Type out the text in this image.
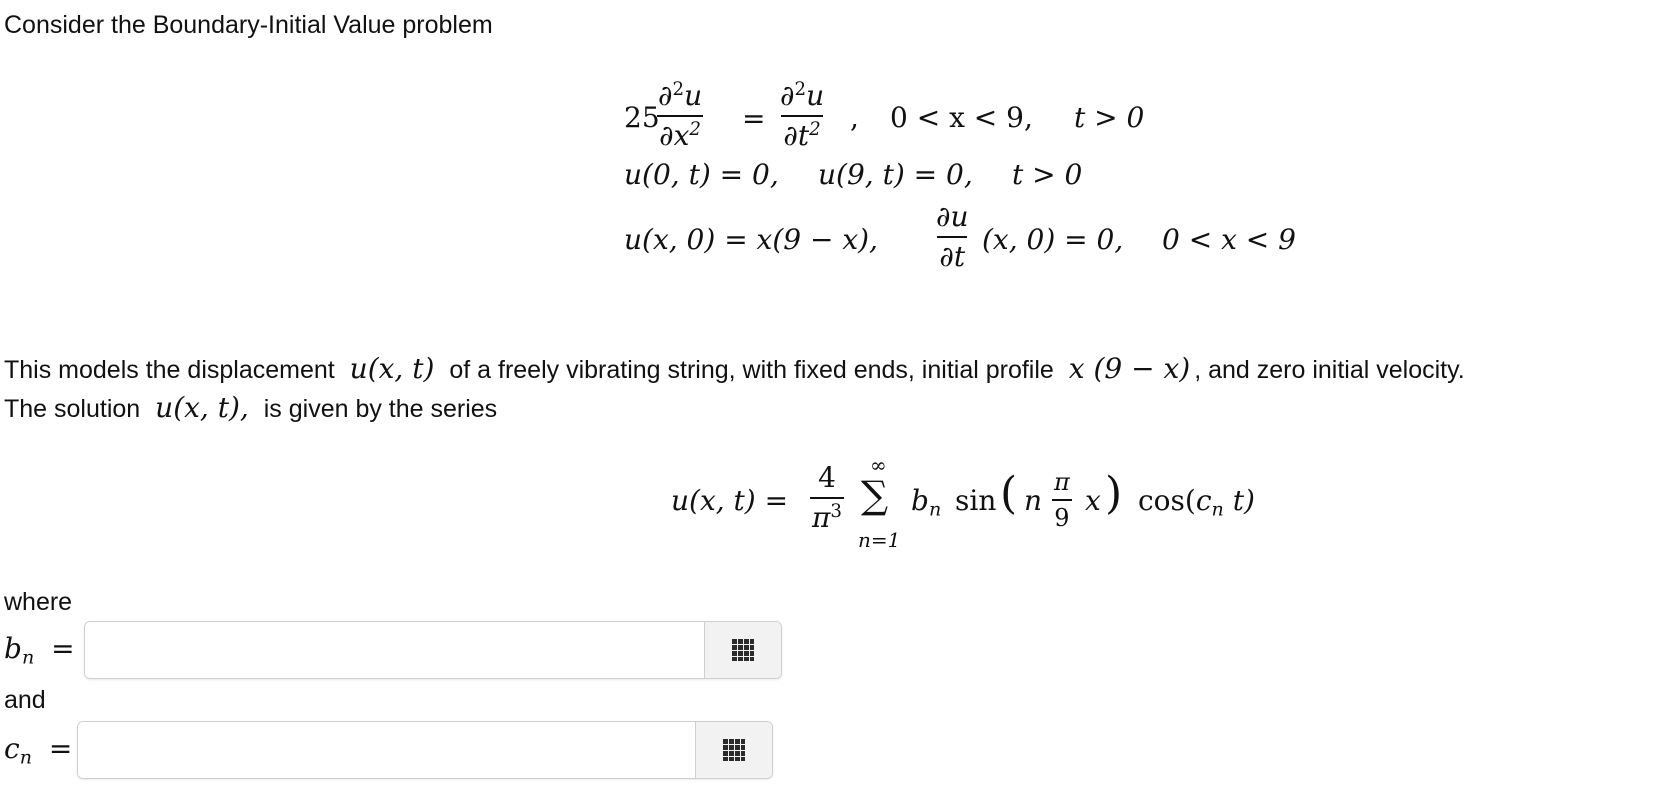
Consider the Boundary-Initial Value problem
25
$\frac{\partial^2u}{\partial x^2} = \frac{\partial^2u}{\partial t^2}$ , 0 < x < 9, t > 0
u(0, t) = 0, u(9, t) = 0, t > 0
u(x, 0) = x(9 − x), $\frac{\partial u}{\partial t} (x$, 0) = 0, 0 < x < 9
This models the displacement u(x, t) of a freely vibrating string, with fixed ends, initial profile x (9 − x) , and zero initial velocity.
The solution u(x, t), is given by the series
u(x, $t) = \frac{4}{\pi^3}$ ∞
∑
n=1
$b_n$ sin ( n $\frac{\pi}{9}$ x ) $\cos(c_n$ t)
where
$b_n$ =
and
$c_n$ =
